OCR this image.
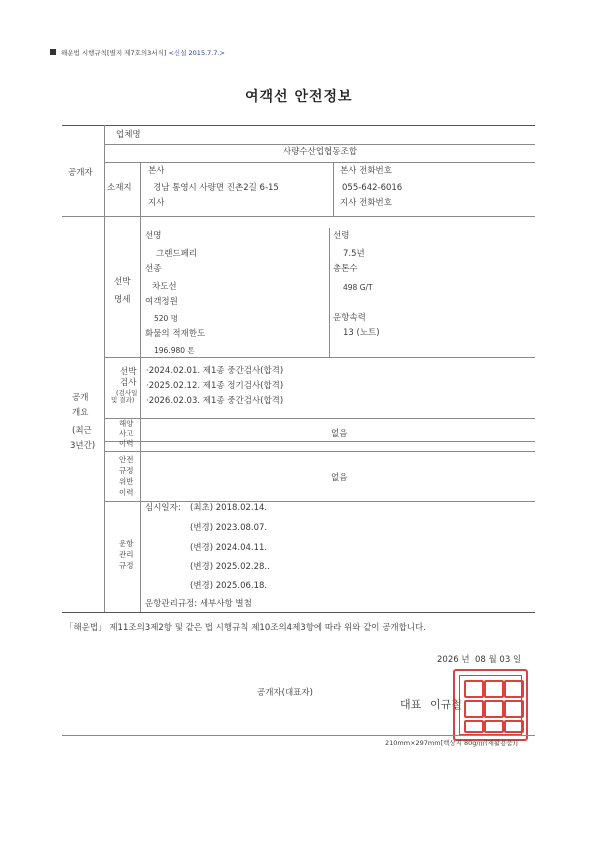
해운법 시행규칙[별지 제7호의3서식] <신설 2015.7.7.>
여객선 안전정보
공개자
업체명
사량수산업협동조합
소재지
본사
경남 통영시 사량면 진촌2길 6-15
본사 전화번호
055-642-6016
지사	지사 전화번호
공개
개요
(최근
3년간)
선박
명세
선명
그랜드페리
선령
7.5년
선종
차도선
총톤수
498 G/T
여객정원
520 명	운항속력
13 (노트)
화물의 적재한도
196.980 톤
선박
검사
(검사일
및 결과)
·2024.02.01. 제1종 중간검사(합격)
·2025.02.12. 제1종 정기검사(합격)
·2026.02.03. 제1종 중간검사(합격)
해양
사고
이력
없음
안전
규정
위반
이력
없음
운항
관리
규정
심시일자: (최초) 2018.02.14.
(변경) 2023.08.07.
(변경) 2024.04.11.
(변경) 2025.02.28..
(변경) 2025.06.18.
운항관리규정: 세부사항 별첨
「해운법」 제11조의3제2항 및 같은 법 시행규칙 제10조의4제3항에 따라 위와 같이 공개합니다.
2026 년 08 월 03 일
공개자(대표자)
대표 이규철
210mm×297mm[백상지 80g/㎡(재활용품)]
